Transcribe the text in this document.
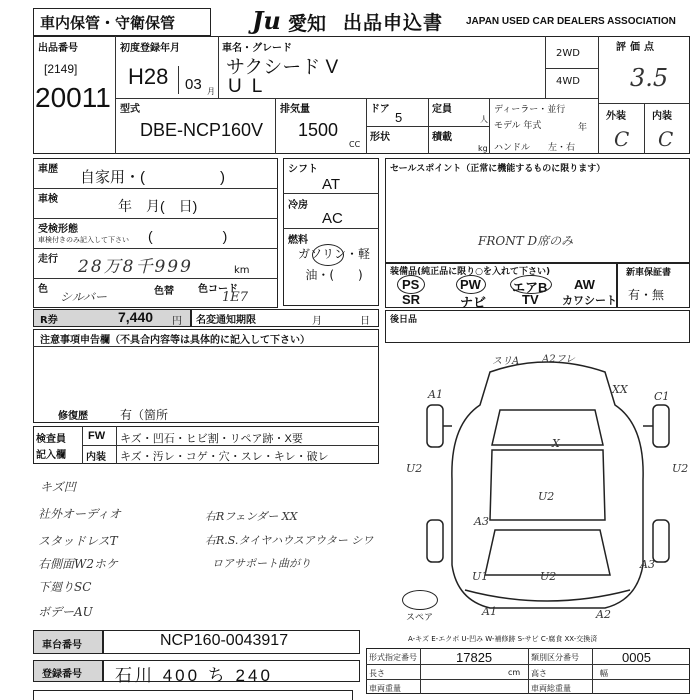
車内保管・守衛保管	Ju 愛知 出品申込書 JAPAN USED CAR DEALERS ASSOCIATION
出品番号
[2149]
20011
初度登録年月
H28 03 月
車名・グレード
サクシード V
UL
2WD
4WD
評価点
3.5
型式
DBE-NCP160V
排気量
1500
CC
ドア
5
形状
定員
人
積載
kg
ディーラー・並行
モデル 年式	年
ハンドル 左・右
外装	内装
C C
車歴 自家用・(　　　　　)
車検	年　月(　日)
受検形態
車検付きのみ記入して下さい (　　　　　)
走行 28万8千999	km
色
シルバー	色替 色コード
1E7
R券	7,440 円 名変通知期限	月	日
シフト
AT
冷房
AC
燃料
ガソリン・軽油・(　　)
セールスポイント（正常に機能するものに限ります）
FRONT D席のみ
装備品(純正品に限り○を入れて下さい)
PS	PW エアB AW
SR	ナビ	TV カワシート
新車保証書
有・無
後日品
注意事項申告欄（不具合内容等は具体的に記入して下さい）
修復歴	有（箇所
検査員
記入欄
FW キズ・凹石・ヒビ割・リペア跡・X要
内装 キズ・汚レ・コゲ・穴・スレ・キレ・破レ
キズ凹
社外オーディオ
スタッドレスT
右側面W2ホケ
下廻りSC
ボデーAU
右Rフェンダー XX
右R.S.タイヤハウスアウター シワ
ロアサポート曲がり
スリA A2フレ
A1	XX
C1
X
U2	U2
U2
A3
A3
U1	U2
A1	A2
スペア
A-キズ E-エクボ U-凹み W-補修跡 S-サビ C-腐食 XX-交換済
車台番号	NCP160-0043917
登録番号 石川 400 ち 240
形式指定番号	17825	類別区分番号	0005
長さ	cm 高さ	幅
車両重量	車両総重量
